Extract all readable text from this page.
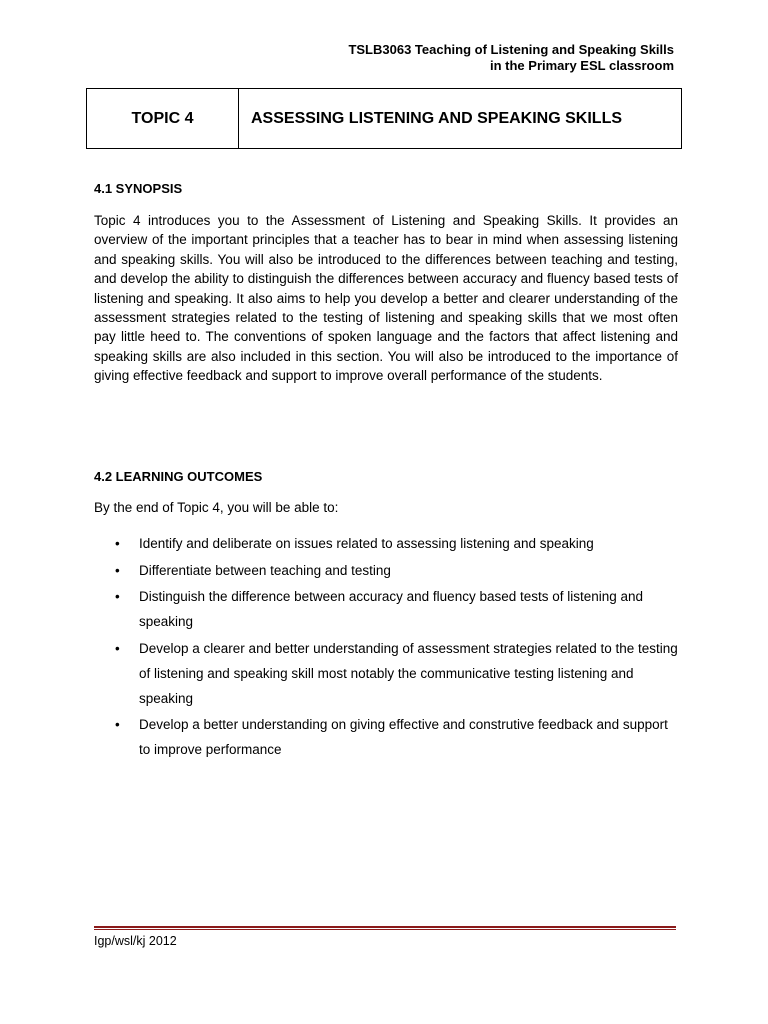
TSLB3063 Teaching of Listening and Speaking Skills
in the Primary ESL classroom
TOPIC 4	ASSESSING LISTENING AND SPEAKING SKILLS
4.1 SYNOPSIS
Topic 4 introduces you to the Assessment of Listening and Speaking Skills. It provides an overview of the important principles that a teacher has to bear in mind when assessing listening and speaking skills. You will also be introduced to the differences between teaching and testing, and develop the ability to distinguish the differences between accuracy and fluency based tests of listening and speaking. It also aims to help you develop a better and clearer understanding of the assessment strategies related to the testing of listening and speaking skills that we most often pay little heed to. The conventions of spoken language and the factors that affect listening and speaking skills are also included in this section. You will also be introduced to the importance of giving effective feedback and support to improve overall performance of the students.
4.2 LEARNING OUTCOMES
By the end of Topic 4, you will be able to:
• Identify and deliberate on issues related to assessing listening and speaking
• Differentiate between teaching and testing
• Distinguish the difference between accuracy and fluency based tests of listening and speaking
• Develop a clearer and better understanding of assessment strategies related to the testing of listening and speaking skill most notably the communicative testing listening and speaking
• Develop a better understanding on giving effective and construtive feedback and support to improve performance
Igp/wsl/kj 2012
